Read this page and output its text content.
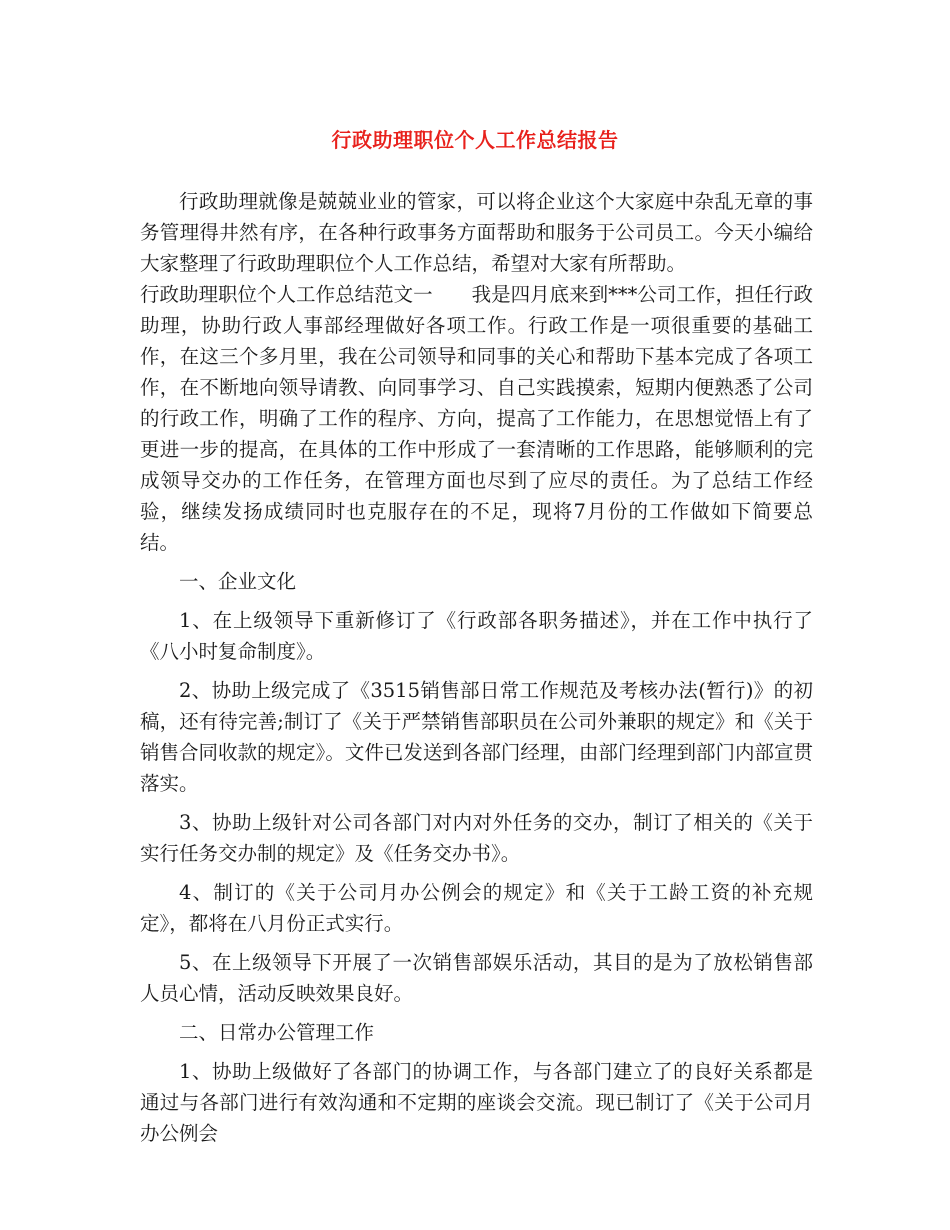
行政助理职位个人工作总结报告

行政助理就像是兢兢业业的管家，可以将企业这个大家庭中杂乱无章的事务管理得井然有序，在各种行政事务方面帮助和服务于公司员工。今天小编给大家整理了行政助理职位个人工作总结，希望对大家有所帮助。

行政助理职位个人工作总结范文一　　我是四月底来到***公司工作，担任行政助理，协助行政人事部经理做好各项工作。行政工作是一项很重要的基础工作，在这三个多月里，我在公司领导和同事的关心和帮助下基本完成了各项工作，在不断地向领导请教、向同事学习、自己实践摸索，短期内便熟悉了公司的行政工作，明确了工作的程序、方向，提高了工作能力，在思想觉悟上有了更进一步的提高，在具体的工作中形成了一套清晰的工作思路，能够顺利的完成领导交办的工作任务，在管理方面也尽到了应尽的责任。为了总结工作经验，继续发扬成绩同时也克服存在的不足，现将7月份的工作做如下简要总结。

一、企业文化

1、在上级领导下重新修订了《行政部各职务描述》，并在工作中执行了《八小时复命制度》。

2、协助上级完成了《3515销售部日常工作规范及考核办法(暂行)》的初稿，还有待完善;制订了《关于严禁销售部职员在公司外兼职的规定》和《关于销售合同收款的规定》。文件已发送到各部门经理，由部门经理到部门内部宣贯落实。

3、协助上级针对公司各部门对内对外任务的交办，制订了相关的《关于实行任务交办制的规定》及《任务交办书》。

4、制订的《关于公司月办公例会的规定》和《关于工龄工资的补充规定》，都将在八月份正式实行。

5、在上级领导下开展了一次销售部娱乐活动，其目的是为了放松销售部人员心情，活动反映效果良好。

二、日常办公管理工作

1、协助上级做好了各部门的协调工作，与各部门建立了的良好关系都是通过与各部门进行有效沟通和不定期的座谈会交流。现已制订了《关于公司月办公例会
